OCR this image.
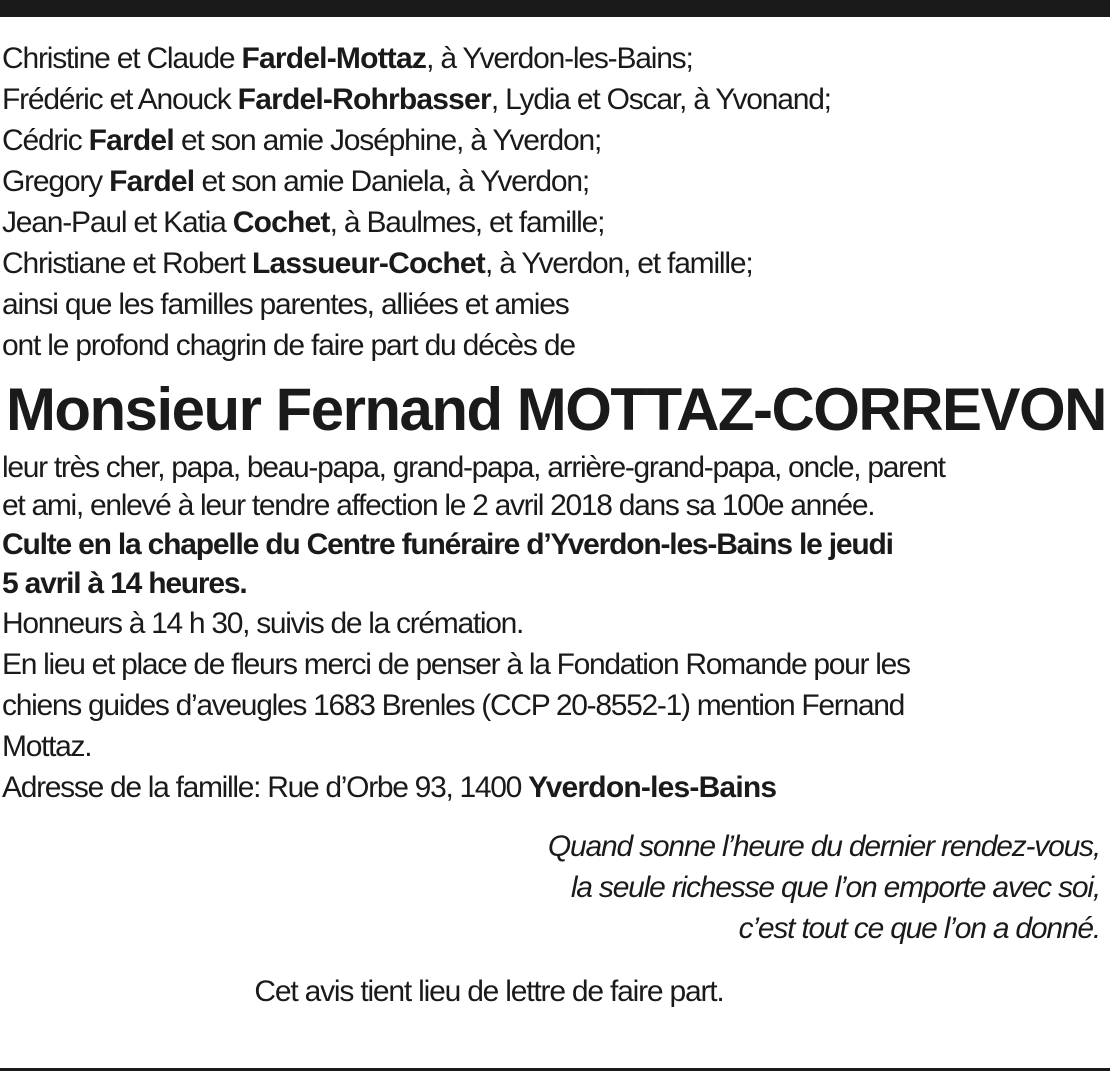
Christine et Claude Fardel-Mottaz, à Yverdon-les-Bains;
Frédéric et Anouck Fardel-Rohrbasser, Lydia et Oscar, à Yvonand;
Cédric Fardel et son amie Joséphine, à Yverdon;
Gregory Fardel et son amie Daniela, à Yverdon;
Jean-Paul et Katia Cochet, à Baulmes, et famille;
Christiane et Robert Lassueur-Cochet, à Yverdon, et famille;
ainsi que les familles parentes, alliées et amies
ont le profond chagrin de faire part du décès de
Monsieur Fernand MOTTAZ-CORREVON
leur très cher, papa, beau-papa, grand-papa, arrière-grand-papa, oncle, parent
et ami, enlevé à leur tendre affection le 2 avril 2018 dans sa 100e année.
Culte en la chapelle du Centre funéraire d’Yverdon-les-Bains le jeudi
5 avril à 14 heures.
Honneurs à 14 h 30, suivis de la crémation.
En lieu et place de fleurs merci de penser à la Fondation Romande pour les
chiens guides d’aveugles 1683 Brenles (CCP 20-8552-1) mention Fernand
Mottaz.
Adresse de la famille: Rue d’Orbe 93, 1400 Yverdon-les-Bains
Quand sonne l’heure du dernier rendez-vous,
la seule richesse que l’on emporte avec soi,
c’est tout ce que l’on a donné.
Cet avis tient lieu de lettre de faire part.
